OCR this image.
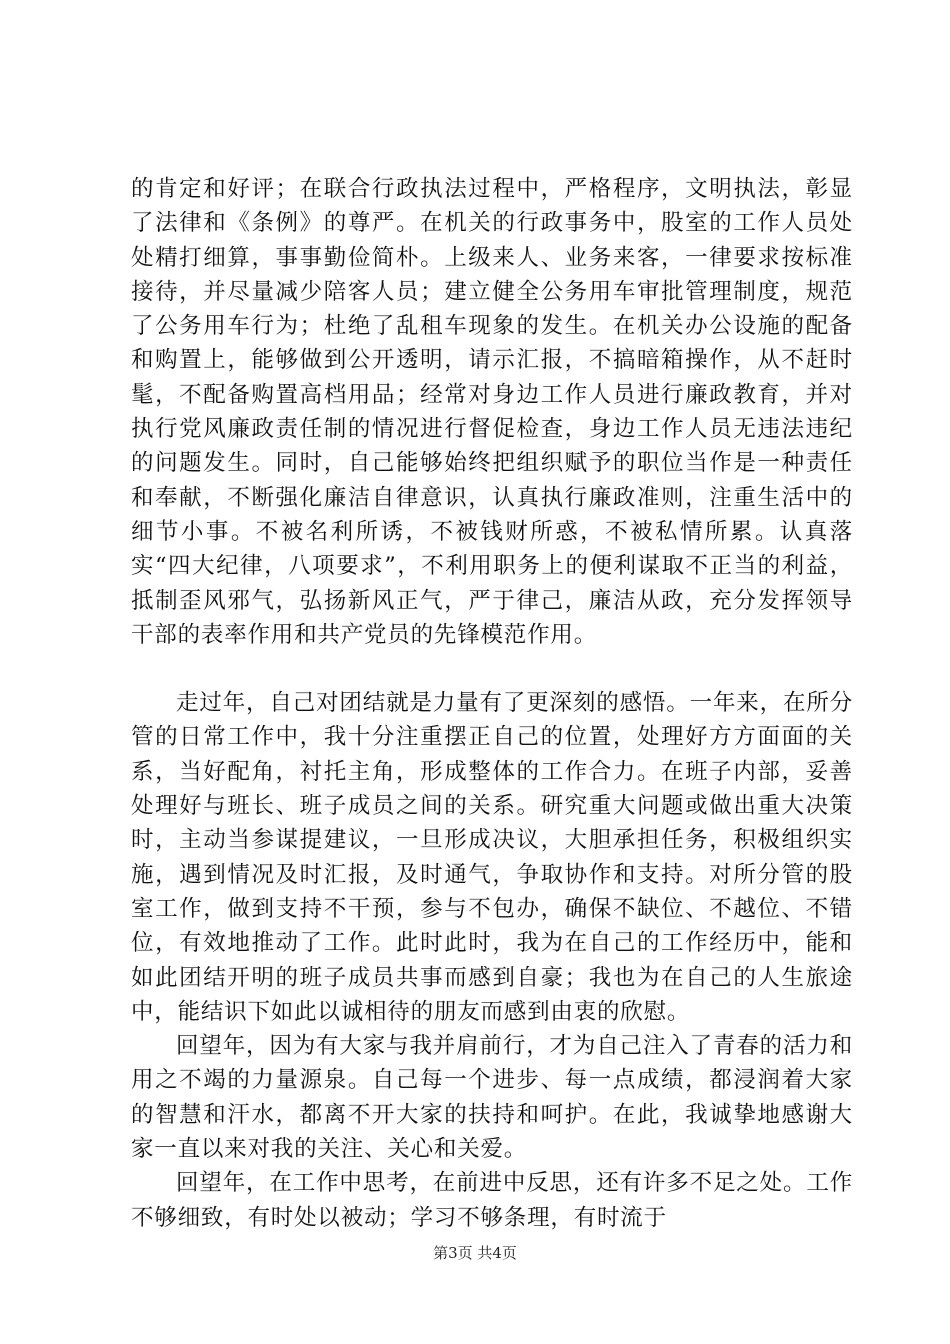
的肯定和好评；在联合行政执法过程中，严格程序，文明执法，彰显了法律和《条例》的尊严。在机关的行政事务中，股室的工作人员处处精打细算，事事勤俭简朴。上级来人、业务来客，一律要求按标准接待，并尽量减少陪客人员；建立健全公务用车审批管理制度，规范了公务用车行为；杜绝了乱租车现象的发生。在机关办公设施的配备和购置上，能够做到公开透明，请示汇报，不搞暗箱操作，从不赶时髦，不配备购置高档用品；经常对身边工作人员进行廉政教育，并对执行党风廉政责任制的情况进行督促检查，身边工作人员无违法违纪的问题发生。同时，自己能够始终把组织赋予的职位当作是一种责任和奉献，不断强化廉洁自律意识，认真执行廉政准则，注重生活中的细节小事。不被名利所诱，不被钱财所惑，不被私情所累。认真落实“四大纪律，八项要求”，不利用职务上的便利谋取不正当的利益，抵制歪风邪气，弘扬新风正气，严于律己，廉洁从政，充分发挥领导干部的表率作用和共产党员的先锋模范作用。

走过年，自己对团结就是力量有了更深刻的感悟。一年来，在所分管的日常工作中，我十分注重摆正自己的位置，处理好方方面面的关系，当好配角，衬托主角，形成整体的工作合力。在班子内部，妥善处理好与班长、班子成员之间的关系。研究重大问题或做出重大决策时，主动当参谋提建议，一旦形成决议，大胆承担任务，积极组织实施，遇到情况及时汇报，及时通气，争取协作和支持。对所分管的股室工作，做到支持不干预，参与不包办，确保不缺位、不越位、不错位，有效地推动了工作。此时此时，我为在自己的工作经历中，能和如此团结开明的班子成员共事而感到自豪；我也为在自己的人生旅途中，能结识下如此以诚相待的朋友而感到由衷的欣慰。

回望年，因为有大家与我并肩前行，才为自己注入了青春的活力和用之不竭的力量源泉。自己每一个进步、每一点成绩，都浸润着大家的智慧和汗水，都离不开大家的扶持和呵护。在此，我诚挚地感谢大家一直以来对我的关注、关心和关爱。

回望年，在工作中思考，在前进中反思，还有许多不足之处。工作不够细致，有时处以被动；学习不够条理，有时流于

第3页 共4页
